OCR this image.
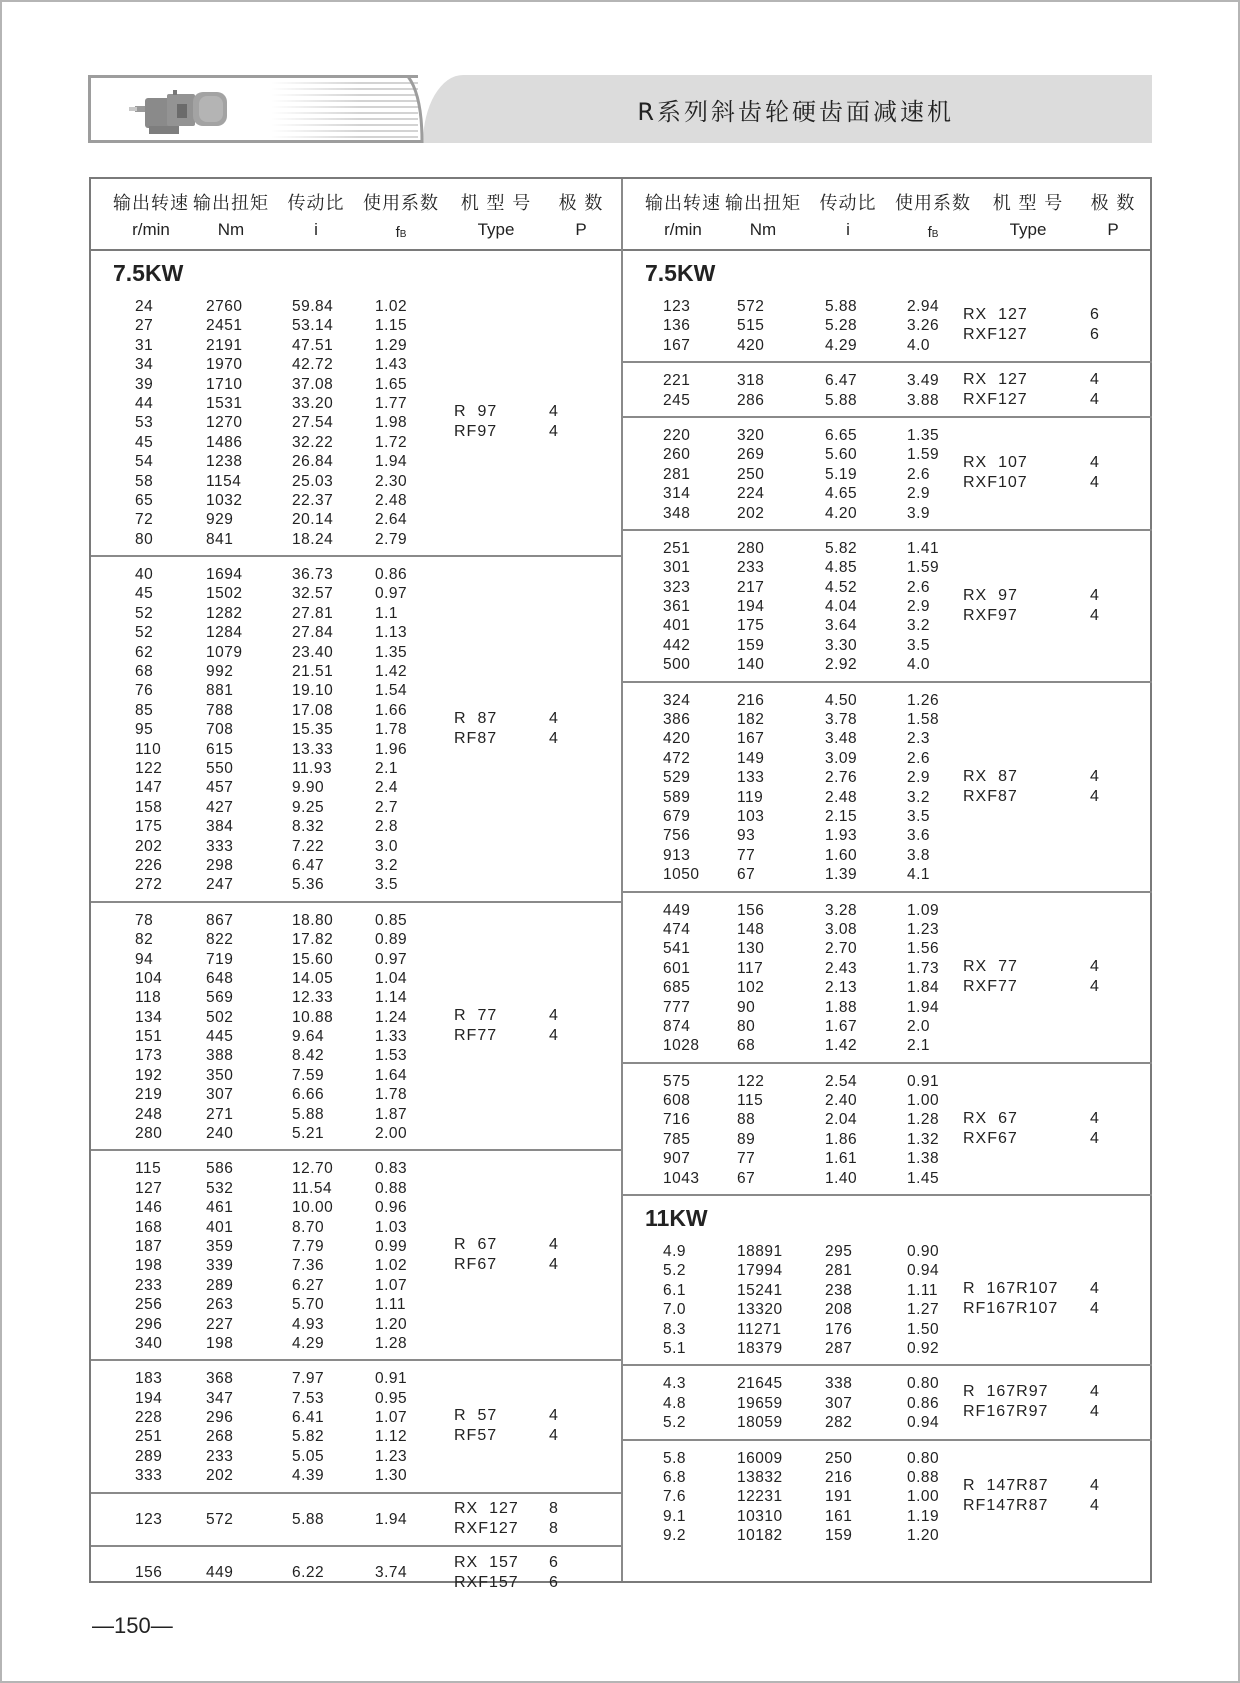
R系列斜齿轮硬齿面减速机
输出转速 输出扭矩	传动比	使用系数	机 型 号	极 数
r/min	Nm	i	fB	Type	P
7.5KW
24	2760	59.84	1.02
27	2451	53.14	1.15
31	2191	47.51	1.29
34	1970	42.72	1.43
39	1710	37.08	1.65
44	1531	33.20	1.77
53	1270	27.54	1.98
45	1486	32.22	1.72
54	1238	26.84	1.94
58	1154	25.03	2.30
65	1032	22.37	2.48
72	929	20.14	2.64
80	841	18.24	2.79
R  97	4
RF97	4
40	1694	36.73	0.86
45	1502	32.57	0.97
52	1282	27.81	1.1
52	1284	27.84	1.13
62	1079	23.40	1.35
68	992	21.51	1.42
76	881	19.10	1.54
85	788	17.08	1.66
95	708	15.35	1.78
110	615	13.33	1.96
122	550	11.93	2.1
147	457	9.90	2.4
158	427	9.25	2.7
175	384	8.32	2.8
202	333	7.22	3.0
226	298	6.47	3.2
272	247	5.36	3.5
R  87	4
RF87	4
78	867	18.80	0.85
82	822	17.82	0.89
94	719	15.60	0.97
104	648	14.05	1.04
118	569	12.33	1.14
134	502	10.88	1.24
151	445	9.64	1.33
173	388	8.42	1.53
192	350	7.59	1.64
219	307	6.66	1.78
248	271	5.88	1.87
280	240	5.21	2.00
R  77	4
RF77	4
115	586	12.70	0.83
127	532	11.54	0.88
146	461	10.00	0.96
168	401	8.70	1.03
187	359	7.79	0.99
198	339	7.36	1.02
233	289	6.27	1.07
256	263	5.70	1.11
296	227	4.93	1.20
340	198	4.29	1.28
R  67	4
RF67	4
183	368	7.97	0.91
194	347	7.53	0.95
228	296	6.41	1.07
251	268	5.82	1.12
289	233	5.05	1.23
333	202	4.39	1.30
R  57	4
RF57	4
123	572	5.88	1.94
RX  127 8
RXF127 8
156	449	6.22	3.74
RX  157 6
RXF157 6
输出转速 输出扭矩	传动比	使用系数	机 型 号	极 数
r/min	Nm	i	fB	Type	P
7.5KW
123	572	5.88	2.94
136	515	5.28	3.26
167	420	4.29	4.0
RX  127	6
RXF127	6
221	318	6.47	3.49
245	286	5.88	3.88
RX  127	4
RXF127	4
220	320	6.65	1.35
260	269	5.60	1.59
281	250	5.19	2.6
314	224	4.65	2.9
348	202	4.20	3.9
RX  107	4
RXF107	4
251	280	5.82	1.41
301	233	4.85	1.59
323	217	4.52	2.6
361	194	4.04	2.9
401	175	3.64	3.2
442	159	3.30	3.5
500	140	2.92	4.0
RX  97	4
RXF97	4
324	216	4.50	1.26
386	182	3.78	1.58
420	167	3.48	2.3
472	149	3.09	2.6
529	133	2.76	2.9
589	119	2.48	3.2
679	103	2.15	3.5
756	93	1.93	3.6
913	77	1.60	3.8
1050 67	1.39	4.1
RX  87	4
RXF87	4
449	156	3.28	1.09
474	148	3.08	1.23
541	130	2.70	1.56
601	117	2.43	1.73
685	102	2.13	1.84
777	90	1.88	1.94
874	80	1.67	2.0
1028 68	1.42	2.1
RX  77	4
RXF77	4
575	122	2.54	0.91
608	115	2.40	1.00
716	88	2.04	1.28
785	89	1.86	1.32
907	77	1.61	1.38
1043 67	1.40	1.45
RX  67	4
RXF67	4
11KW
4.9	18891	295	0.90
5.2	17994	281	0.94
6.1	15241	238	1.11
7.0	13320	208	1.27
8.3	11271	176	1.50
5.1	18379	287	0.92
R  167R107 4
RF167R107 4
4.3	21645	338	0.80
4.8	19659	307	0.86
5.2	18059	282	0.94
R  167R97	4
RF167R97	4
5.8	16009	250	0.80
6.8	13832	216	0.88
7.6	12231	191	1.00
9.1	10310	161	1.19
9.2	10182	159	1.20
R  147R87	4
RF147R87	4
—150—
